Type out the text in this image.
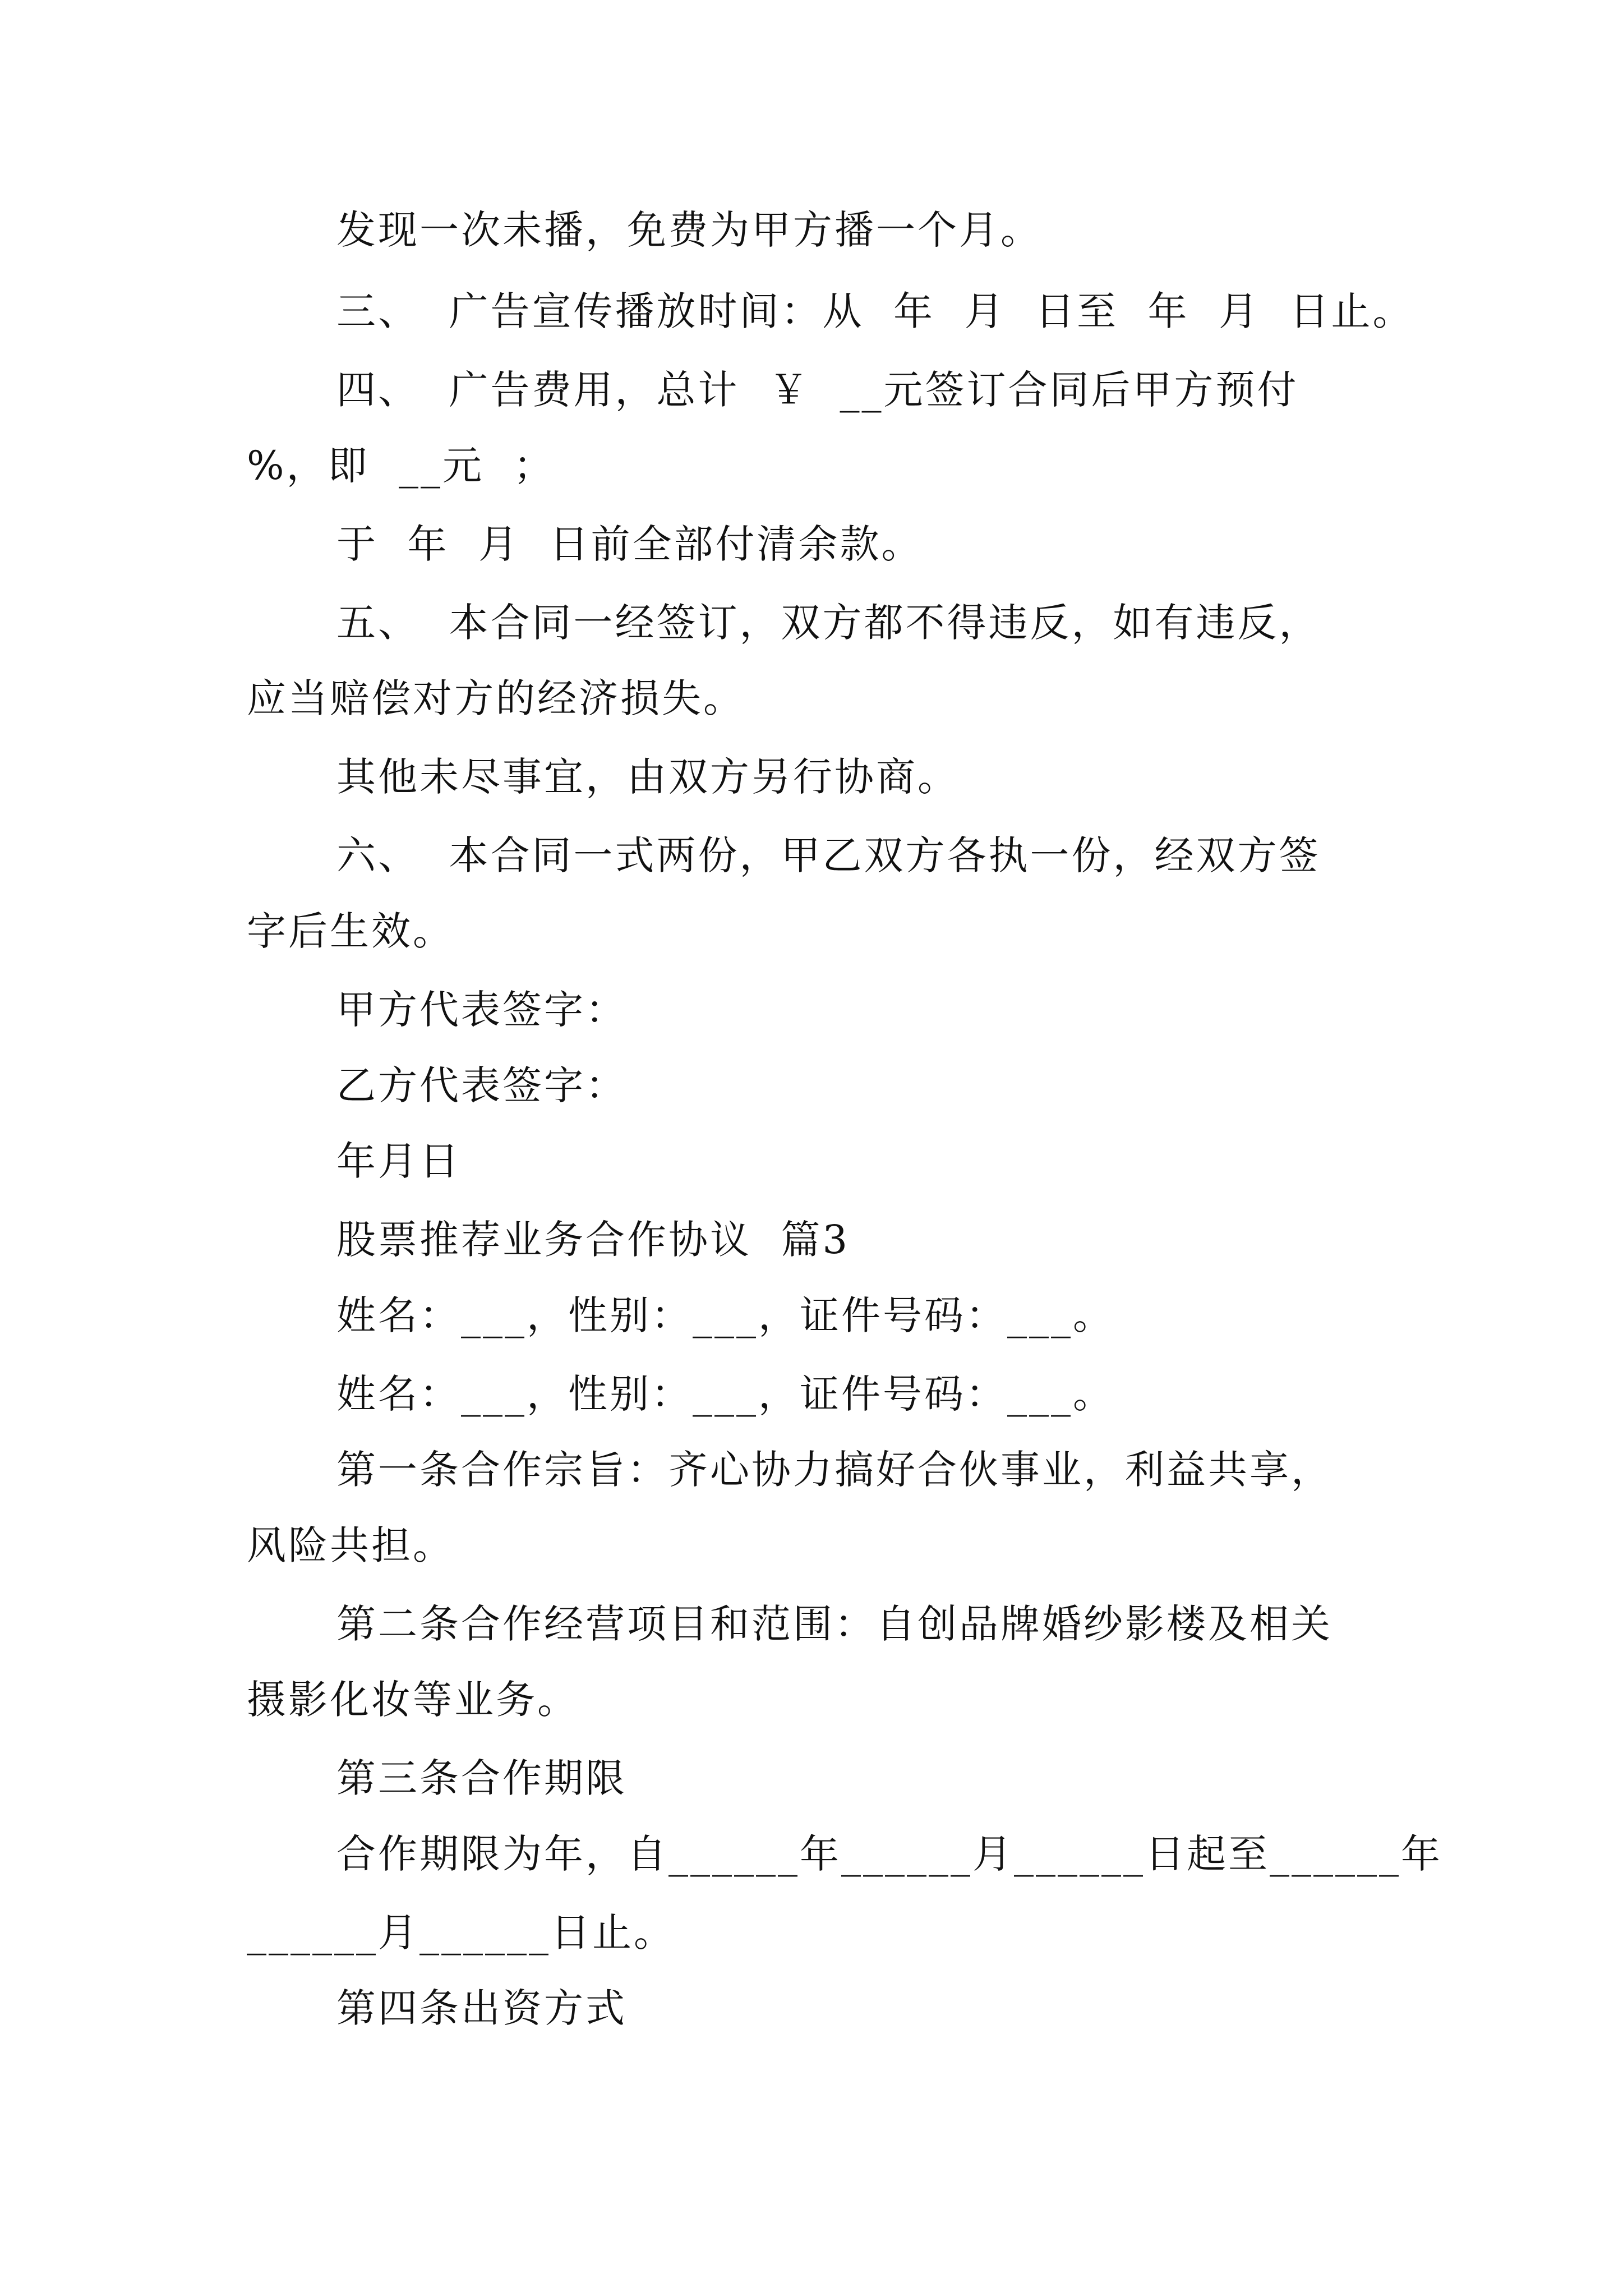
发现一次未播，免费为甲方播一个月。
三、  广告宣传播放时间：从  年  月  日至  年  月  日止。
四、  广告费用，总计  ￥  __元签订合同后甲方预付
%，即  __元  ；
于  年  月  日前全部付清余款。
五、  本合同一经签订，双方都不得违反，如有违反，
应当赔偿对方的经济损失。
其他未尽事宜，由双方另行协商。
六、  本合同一式两份，甲乙双方各执一份，经双方签
字后生效。
甲方代表签字：
乙方代表签字：
年月日
股票推荐业务合作协议  篇3
姓名：___，性别：___，证件号码：___。
姓名：___，性别：___，证件号码：___。
第一条合作宗旨：齐心协力搞好合伙事业，利益共享，
风险共担。
第二条合作经营项目和范围：自创品牌婚纱影楼及相关
摄影化妆等业务。
第三条合作期限
合作期限为年，自______年______月______日起至______年
______月______日止。
第四条出资方式
